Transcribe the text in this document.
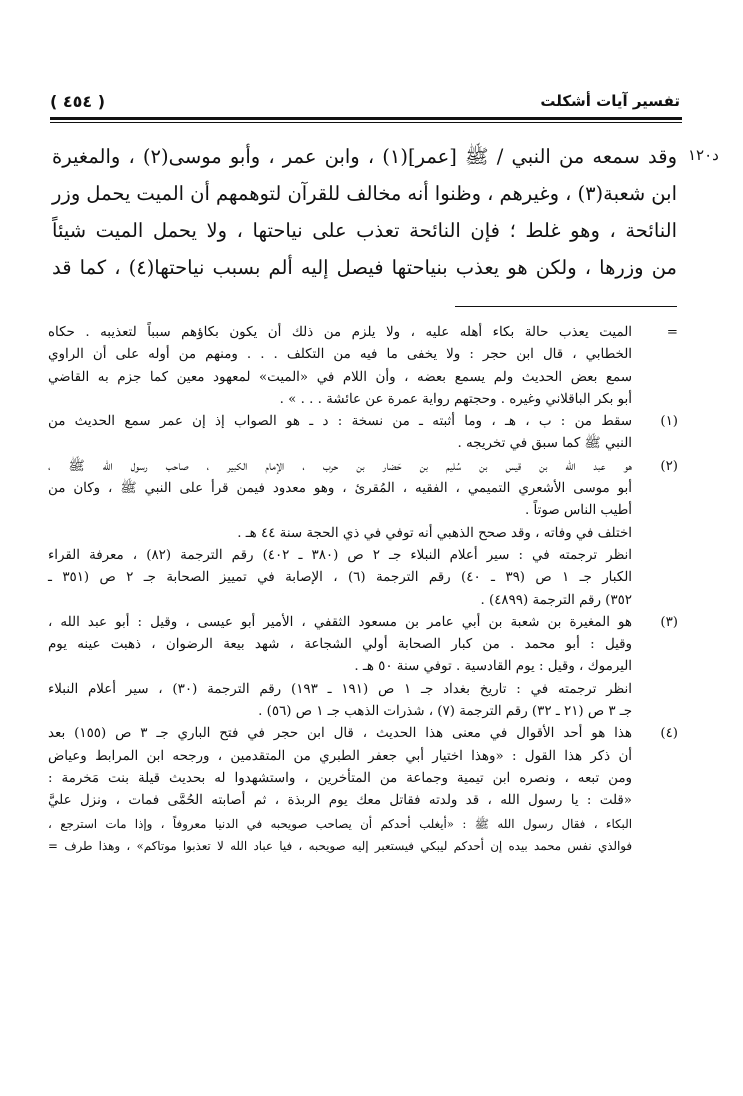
( ٤٥٤ )	تفسير آيات أشكلت
د١٢٠

وقد سمعه من النبي / ﷺ [عمر](١) ، وابن عمر ، وأبو موسى(٢) ، والمغيرة

ابن شعبة(٣) ، وغيرهم ، وظنوا أنه مخالف للقرآن لتوهمهم أن الميت يحمل وزر

النائحة ، وهو غلط ؛ فإن النائحة تعذب على نياحتها ، ولا يحمل الميت شيئاً

من وزرها ، ولكن هو يعذب بنياحتها فيصل إليه ألم بسبب نياحتها(٤) ، كما قد

=
الميت يعذب حالة بكاء أهله عليه ، ولا يلزم من ذلك أن يكون بكاؤهم سبباً لتعذيبه . حكاه
الخطابي ، قال ابن حجر : ولا يخفى ما فيه من التكلف . . . ومنهم من أوله على أن الراوي
سمع بعض الحديث ولم يسمع بعضه ، وأن اللام في «الميت» لمعهود معين كما جزم به القاضي
أبو بكر الباقلاني وغيره . وحجتهم رواية عمرة عن عائشة . . . » .
(١)
سقط من : ب ، هـ ، وما أثبته ـ من نسخة : د ـ هو الصواب إذ إن عمر سمع الحديث من
النبي ﷺ كما سبق في تخريجه .
(٢)
هو عبد الله بن قيس بن سُليم بن حَضار بن حرب ، الإمام الكبير ، صاحب رسول الله ﷺ ،
أبو موسى الأشعري التميمي ، الفقيه ، المُقرئ ، وهو معدود فيمن قرأ على النبي ﷺ ، وكان من
أطيب الناس صوتاً .
اختلف في وفاته ، وقد صحح الذهبي أنه توفي في ذي الحجة سنة ٤٤ هـ .
انظر ترجمته في : سير أعلام النبلاء جـ ٢ ص (٣٨٠ ـ ٤٠٢) رقم الترجمة (٨٢) ، معرفة القراء
الكبار جـ ١ ص (٣٩ ـ ٤٠) رقم الترجمة (٦) ، الإصابة في تمييز الصحابة جـ ٢ ص (٣٥١ ـ
٣٥٢) رقم الترجمة (٤٨٩٩) .
(٣)
هو المغيرة بن شعبة بن أبي عامر بن مسعود الثقفي ، الأمير أبو عيسى ، وقيل : أبو عبد الله ،
وقيل : أبو محمد . من كبار الصحابة أولي الشجاعة ، شهد بيعة الرضوان ، ذهبت عينه يوم
اليرموك ، وقيل : يوم القادسية . توفي سنة ٥٠ هـ .
انظر ترجمته في : تاريخ بغداد جـ ١ ص (١٩١ ـ ١٩٣) رقم الترجمة (٣٠) ، سير أعلام النبلاء
جـ ٣ ص (٢١ ـ ٣٢) رقم الترجمة (٧) ، شذرات الذهب جـ ١ ص (٥٦) .
(٤)
هذا هو أحد الأقوال في معنى هذا الحديث ، قال ابن حجر في فتح الباري جـ ٣ ص (١٥٥) بعد
أن ذكر هذا القول : «وهذا اختيار أبي جعفر الطبري من المتقدمين ، ورجحه ابن المرابط وعياض
ومن تبعه ، ونصره ابن تيمية وجماعة من المتأخرين ، واستشهدوا له بحديث قيلة بنت مَخرمة :
«قلت : يا رسول الله ، قد ولدته فقاتل معك يوم الربذة ، ثم أصابته الحُمَّى فمات ، ونزل عليَّ
البكاء ، فقال رسول الله ﷺ : «أيغلب أحدكم أن يصاحب صويحبه في الدنيا معروفاً ، وإذا مات استرجع ،
فوالذي نفس محمد بيده إن أحدكم ليبكي فيستعبر إليه صويحبه ، فيا عباد الله لا تعذبوا موتاكم» ، وهذا طرف =
